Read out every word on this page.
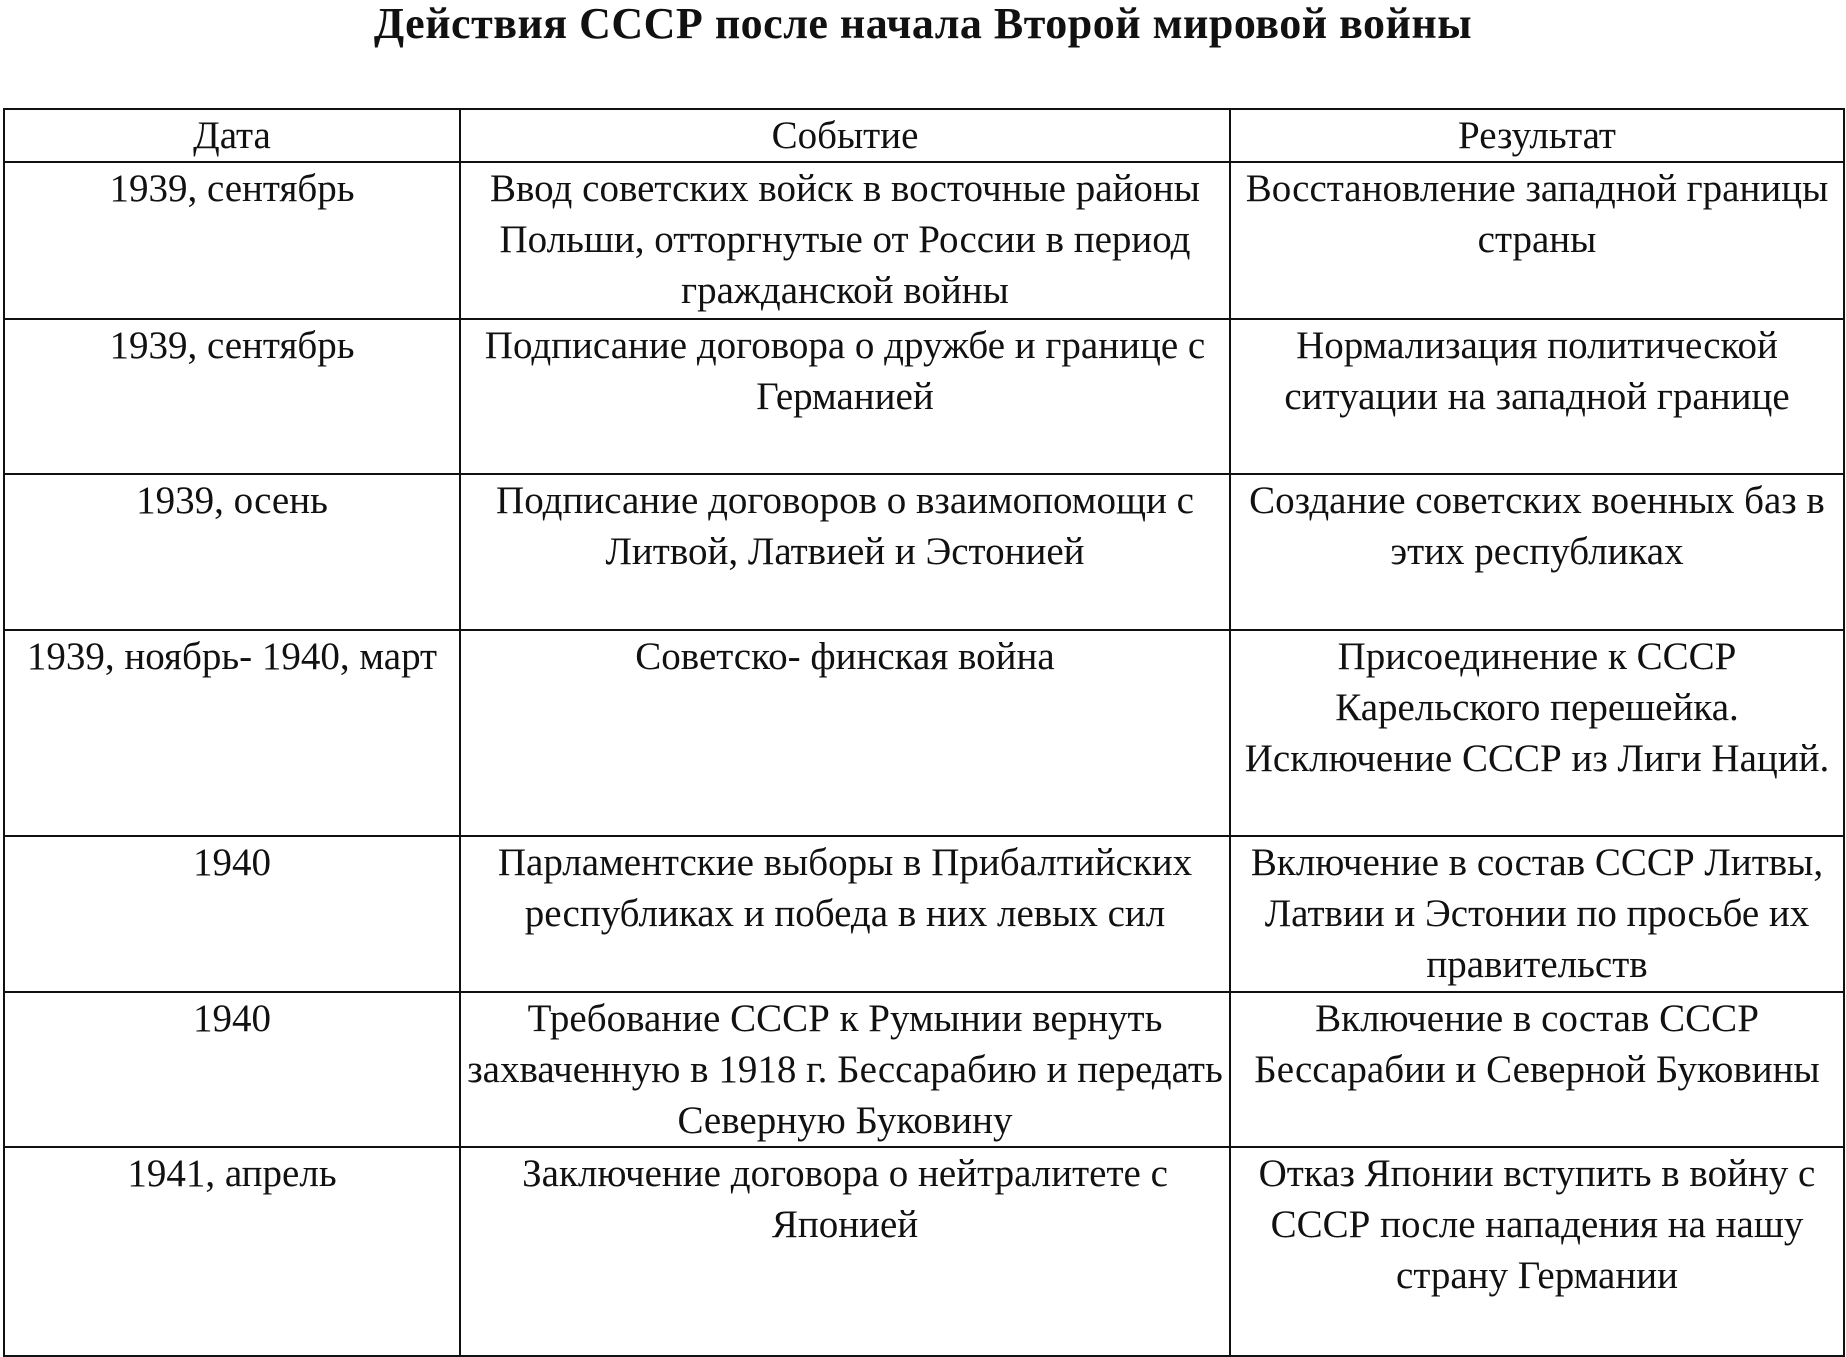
Действия СССР после начала Второй мировой войны
Дата	Событие	Результат
1939, сентябрь	Ввод советских войск в восточные районы Польши, отторгнутые от России в период гражданской войны	Восстановление западной границы страны
1939, сентябрь	Подписание договора о дружбе и границе с Германией	Нормализация политической ситуации на западной границе
1939, осень	Подписание договоров о взаимопомощи с Литвой, Латвией и Эстонией	Создание советских военных баз в этих республиках
1939, ноябрь- 1940, март	Советско- финская война	Присоединение к СССР Карельского перешейка. Исключение СССР из Лиги Наций.
1940	Парламентские выборы в Прибалтийских республиках и победа в них левых сил	Включение в состав СССР Литвы, Латвии и Эстонии по просьбе их правительств
1940	Требование СССР к Румынии вернуть захваченную в 1918 г. Бессарабию и передать Северную Буковину	Включение в состав СССР Бессарабии и Северной Буковины
1941, апрель	Заключение договора о нейтралитете с Японией	Отказ Японии вступить в войну с СССР после нападения на нашу страну Германии
